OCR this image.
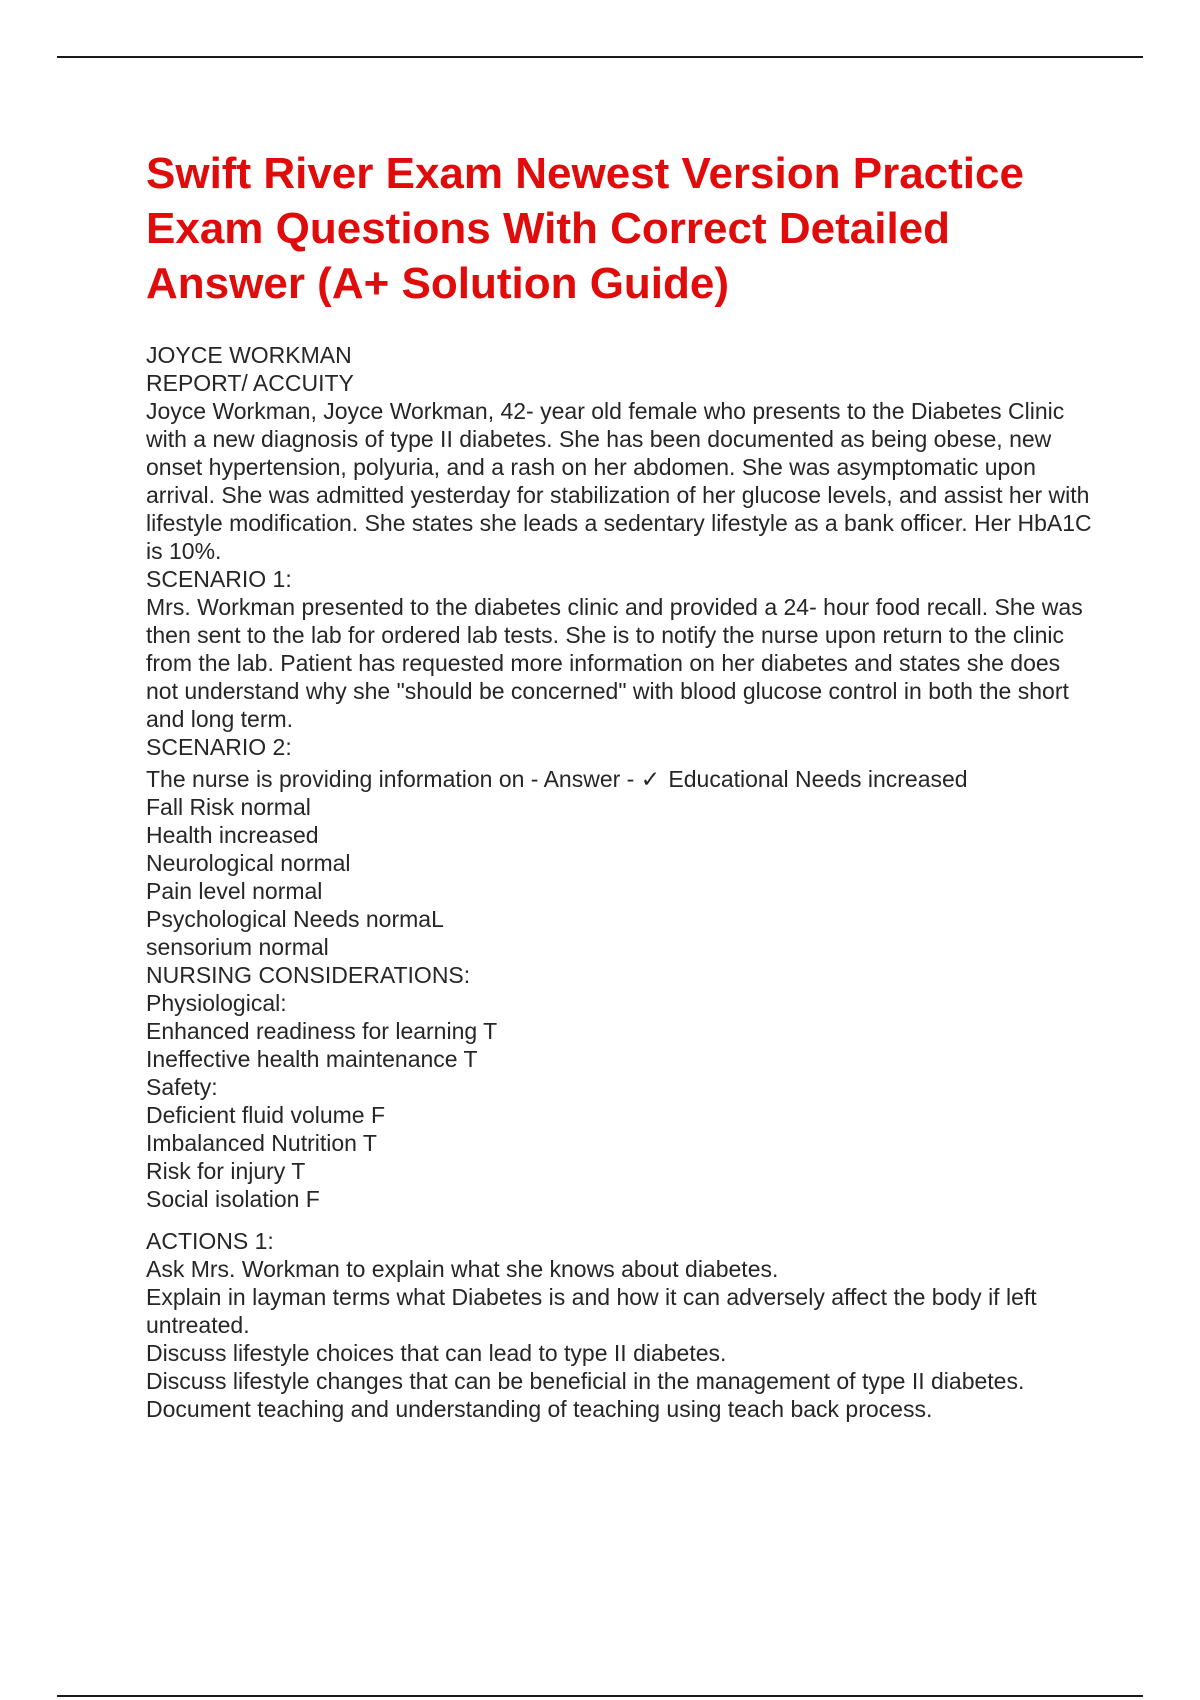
Swift River Exam Newest Version Practice Exam Questions With Correct Detailed Answer (A+ Solution Guide)
JOYCE WORKMAN
REPORT/ ACCUITY
Joyce Workman, Joyce Workman, 42- year old female who presents to the Diabetes Clinic with a new diagnosis of type II diabetes. She has been documented as being obese, new onset hypertension, polyuria, and a rash on her abdomen. She was asymptomatic upon arrival. She was admitted yesterday for stabilization of her glucose levels, and assist her with lifestyle modification. She states she leads a sedentary lifestyle as a bank officer. Her HbA1C is 10%.
SCENARIO 1:
Mrs. Workman presented to the diabetes clinic and provided a 24- hour food recall. She was then sent to the lab for ordered lab tests. She is to notify the nurse upon return to the clinic from the lab. Patient has requested more information on her diabetes and states she does not understand why she "should be concerned" with blood glucose control in both the short and long term.
SCENARIO 2:
The nurse is providing information on - Answer - ✓ Educational Needs increased
Fall Risk normal
Health increased
Neurological normal
Pain level normal
Psychological Needs normaL
sensorium normal
NURSING CONSIDERATIONS:
Physiological:
Enhanced readiness for learning T
Ineffective health maintenance T
Safety:
Deficient fluid volume F
Imbalanced Nutrition T
Risk for injury T
Social isolation F
ACTIONS 1:
Ask Mrs. Workman to explain what she knows about diabetes.
Explain in layman terms what Diabetes is and how it can adversely affect the body if left untreated.
Discuss lifestyle choices that can lead to type II diabetes.
Discuss lifestyle changes that can be beneficial in the management of type II diabetes.
Document teaching and understanding of teaching using teach back process.
